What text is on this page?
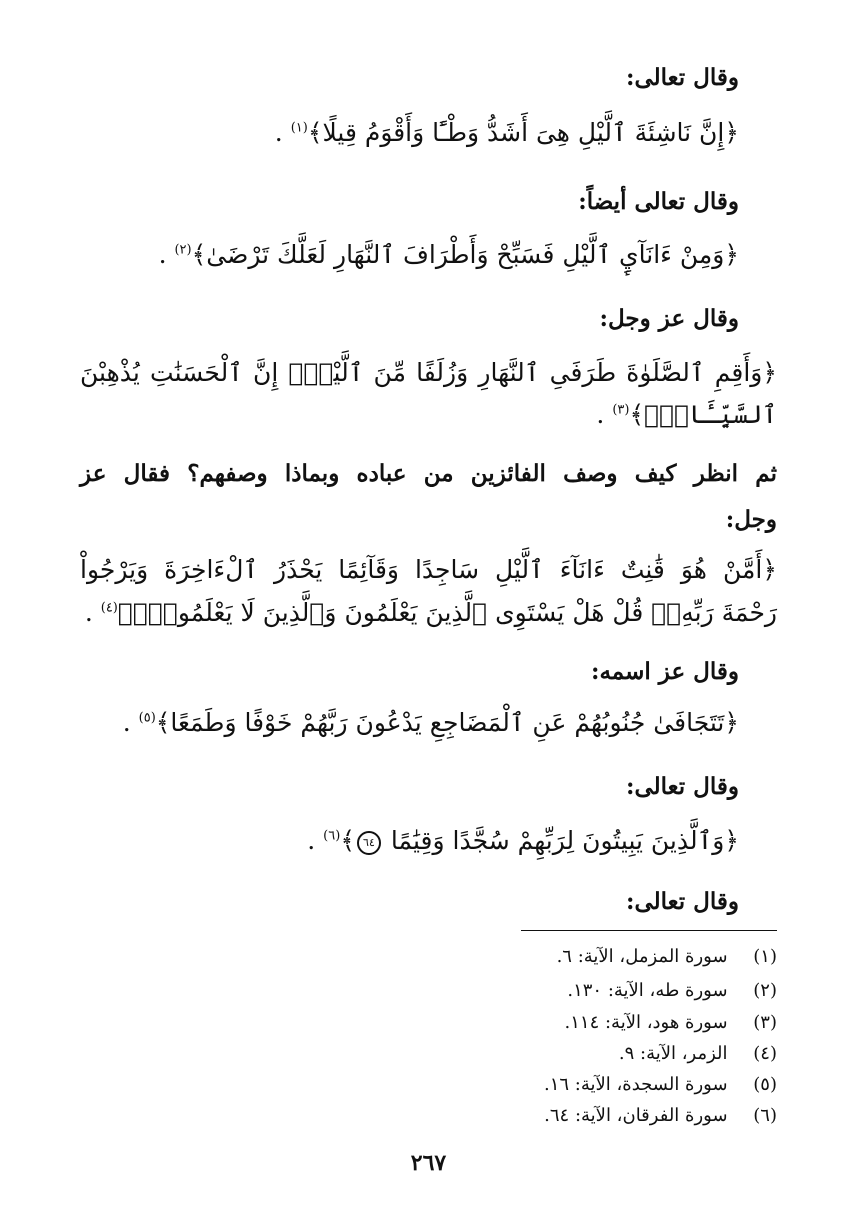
وقال تعالى:
﴿إِنَّ نَاشِئَةَ ٱلَّيْلِ هِىَ أَشَدُّ وَطْـًٔا وَأَقْوَمُ قِيلًا﴾$^{(١)}$ .
وقال تعالى أيضاً:
﴿وَمِنْ ءَانَآيِٕ ٱلَّيْلِ فَسَبِّحْ وَأَطْرَافَ ٱلنَّهَارِ لَعَلَّكَ تَرْضَىٰ﴾$^{(٢)}$ .
وقال عز وجل:
﴿وَأَقِمِ ٱلصَّلَوٰةَ طَرَفَىِ ٱلنَّهَارِ وَزُلَفًا مِّنَ ٱلَّيْلِۚ إِنَّ ٱلْحَسَنَٰتِ يُذْهِبْنَ
ٱلسَّيِّـَٔاتِۚ﴾$^{(٣)}$ .
ثم انظر كيف وصف الفائزين من عباده وبماذا وصفهم؟ فقال عز
وجل:
﴿أَمَّنْ هُوَ قَٰنِتٌ ءَانَآءَ ٱلَّيْلِ سَاجِدًا وَقَآئِمًا يَحْذَرُ ٱلْءَاخِرَةَ وَيَرْجُواْ
رَحْمَةَ رَبِّهِۦۗ قُلْ هَلْ يَسْتَوِى ٱلَّذِينَ يَعْلَمُونَ وَٱلَّذِينَ لَا يَعْلَمُونَۗ﴾$^{(٤)}$ .
وقال عز اسمه:
﴿تَتَجَافَىٰ جُنُوبُهُمْ عَنِ ٱلْمَضَاجِعِ يَدْعُونَ رَبَّهُمْ خَوْفًا وَطَمَعًا﴾$^{(٥)}$ .
وقال تعالى:
﴿وَٱلَّذِينَ يَبِيتُونَ لِرَبِّهِمْ سُجَّدًا وَقِيَٰمًا ٦٤﴾$^{(٦)}$ .
وقال تعالى:
(١)  سورة المزمل، الآية: ٦.
(٢)  سورة طه، الآية: ١٣٠.
(٣)  سورة هود، الآية: ١١٤.
(٤)  الزمر، الآية: ٩.
(٥)  سورة السجدة، الآية: ١٦.
(٦)  سورة الفرقان، الآية: ٦٤.
٢٦٧
